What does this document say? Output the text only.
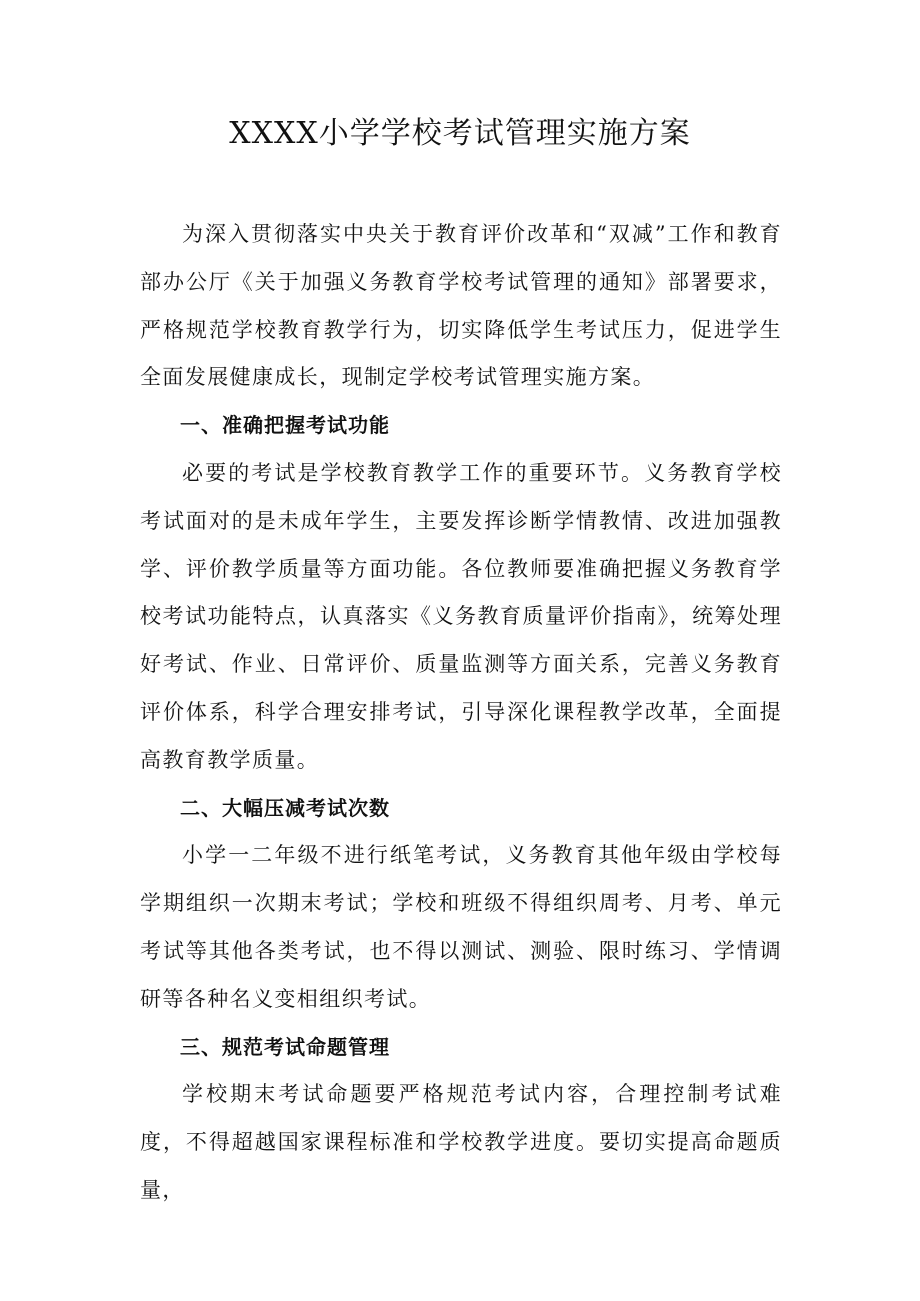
XXXX小学学校考试管理实施方案

为深入贯彻落实中央关于教育评价改革和“双减”工作和教育部办公厅《关于加强义务教育学校考试管理的通知》部署要求，严格规范学校教育教学行为，切实降低学生考试压力，促进学生全面发展健康成长，现制定学校考试管理实施方案。

一、准确把握考试功能

必要的考试是学校教育教学工作的重要环节。义务教育学校考试面对的是未成年学生，主要发挥诊断学情教情、改进加强教学、评价教学质量等方面功能。各位教师要准确把握义务教育学校考试功能特点，认真落实《义务教育质量评价指南》，统筹处理好考试、作业、日常评价、质量监测等方面关系，完善义务教育评价体系，科学合理安排考试，引导深化课程教学改革，全面提高教育教学质量。

二、大幅压减考试次数

小学一二年级不进行纸笔考试，义务教育其他年级由学校每学期组织一次期末考试；学校和班级不得组织周考、月考、单元考试等其他各类考试，也不得以测试、测验、限时练习、学情调研等各种名义变相组织考试。

三、规范考试命题管理

学校期末考试命题要严格规范考试内容，合理控制考试难度，不得超越国家课程标准和学校教学进度。要切实提高命题质量，
